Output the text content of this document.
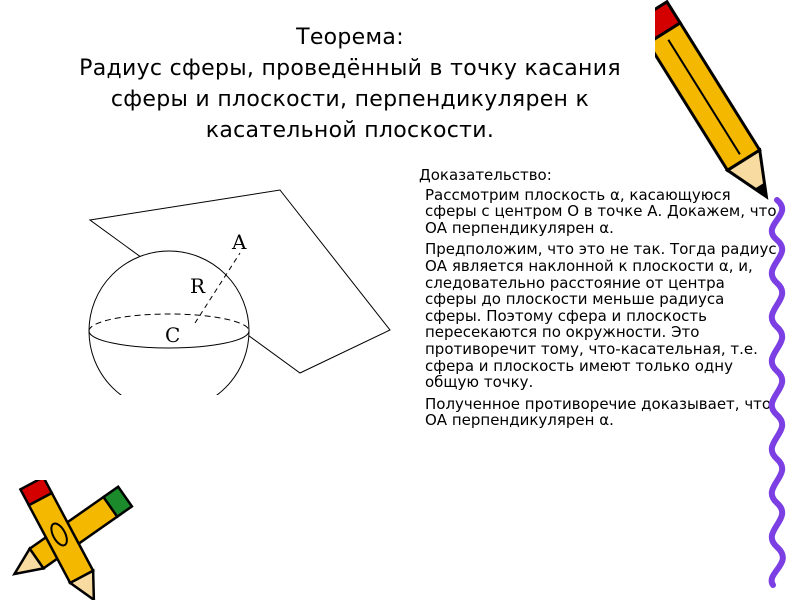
Теорема:
Радиус сферы, проведённый в точку касания
сферы и плоскости, перпендикулярен к
касательной плоскости.
Доказательство:

Рассмотрим плоскость α, касающуюся сферы с центром О в точке А. Докажем, что ОА перпендикулярен α.

Предположим, что это не так. Тогда радиус ОА является наклонной к плоскости α, и, следовательно расстояние от центра сферы до плоскости меньше радиуса сферы. Поэтому сфера и плоскость пересекаются по окружности. Это противоречит тому, что-касательная, т.е. сфера и плоскость имеют только одну общую точку.

Полученное противоречие доказывает, что ОА перпендикулярен α.

A
R
C
